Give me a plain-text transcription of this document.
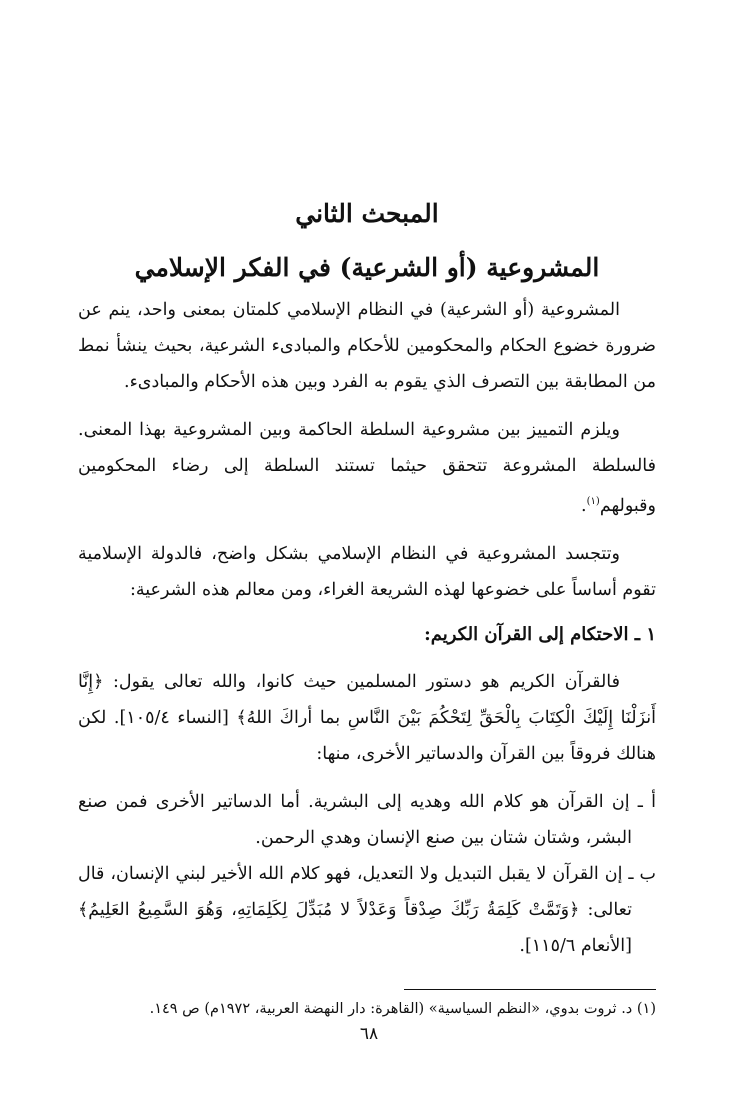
المبحث الثاني
المشروعية (أو الشرعية) في الفكر الإسلامي

المشروعية (أو الشرعية) في النظام الإسلامي كلمتان بمعنى واحد، ينم عن ضرورة خضوع الحكام والمحكومين للأحكام والمبادىء الشرعية، بحيث ينشأ نمط من المطابقة بين التصرف الذي يقوم به الفرد وبين هذه الأحكام والمبادىء.

ويلزم التمييز بين مشروعية السلطة الحاكمة وبين المشروعية بهذا المعنى. فالسلطة المشروعة تتحقق حيثما تستند السلطة إلى رضاء المحكومين وقبولهم$^{(١)}$.

وتتجسد المشروعية في النظام الإسلامي بشكل واضح، فالدولة الإسلامية تقوم أساساً على خضوعها لهذه الشريعة الغراء، ومن معالم هذه الشرعية:

١ ـ الاحتكام إلى القرآن الكريم:

فالقرآن الكريم هو دستور المسلمين حيث كانوا، والله تعالى يقول: ﴿إِنَّا أَنزَلْنَا إِلَيْكَ الْكِتَابَ بِالْحَقِّ لِتَحْكُمَ بَيْنَ النَّاسِ بما أراكَ اللهُ﴾ [النساء ١٠٥/٤]. لكن هنالك فروقاً بين القرآن والدساتير الأخرى، منها:

أ ـ إن القرآن هو كلام الله وهديه إلى البشرية. أما الدساتير الأخرى فمن صنع البشر، وشتان شتان بين صنع الإنسان وهدي الرحمن.

ب ـ إن القرآن لا يقبل التبديل ولا التعديل، فهو كلام الله الأخير لبني الإنسان، قال تعالى: ﴿وَتَمَّتْ كَلِمَةُ رَبِّكَ صِدْقاً وَعَدْلاً لا مُبَدِّلَ لِكَلِمَاتِهِ، وَهُوَ السَّمِيعُ العَلِيمُ﴾ [الأنعام ١١٥/٦].

(١) د. ثروت بدوي، «النظم السياسية» (القاهرة: دار النهضة العربية، ١٩٧٢م) ص ١٤٩.
٦٨
